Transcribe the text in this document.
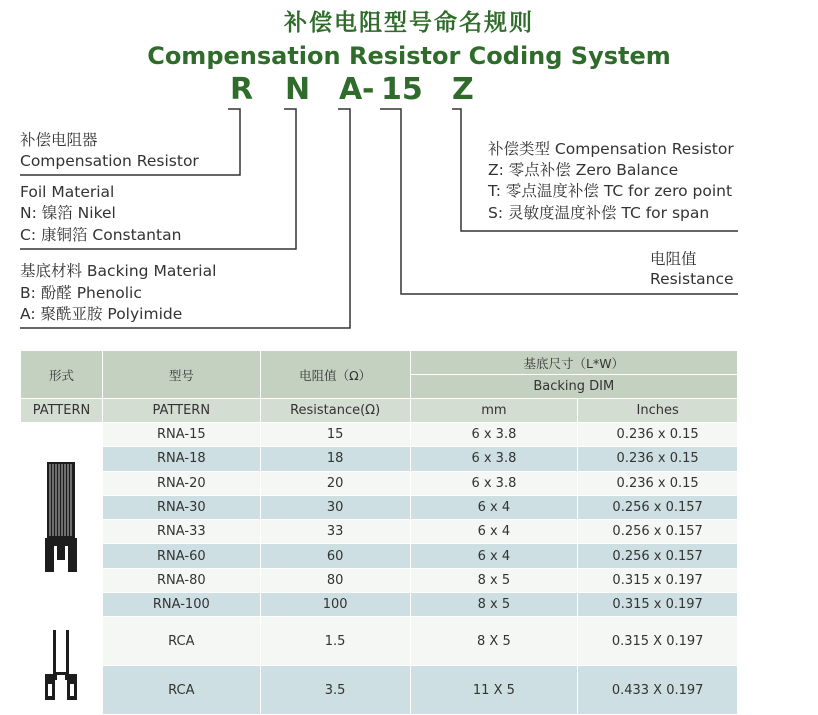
补偿电阻型号命名规则
Compensation Resistor Coding System
R N A - 15 Z
补偿电阻器
Compensation Resistor
Foil Material
N: 镍箔 Nikel
C: 康铜箔 Constantan
基底材料 Backing Material
B: 酚醛 Phenolic
A: 聚酰亚胺 Polyimide
补偿类型 Compensation Resistor
Z: 零点补偿 Zero Balance
T: 零点温度补偿 TC for zero point
S: 灵敏度温度补偿 TC for span
电阻值
Resistance
形式	型号	电阻值（Ω）	基底尺寸（L*W）	
			Backing DIM	
PATTERN	PATTERN	Resistance(Ω)	mm	Inches
	RNA-15	15	6 x 3.8	0.236 x 0.15
	RNA-18	18	6 x 3.8	0.236 x 0.15
	RNA-20	20	6 x 3.8	0.236 x 0.15
	RNA-30	30	6 x 4	0.256 x 0.157
	RNA-33	33	6 x 4	0.256 x 0.157
	RNA-60	60	6 x 4	0.256 x 0.157
	RNA-80	80	8 x 5	0.315 x 0.197
	RNA-100	100	8 x 5	0.315 x 0.197
	RCA	1.5	8 X 5	0.315 X 0.197
	RCA	3.5	11 X 5	0.433 X 0.197
